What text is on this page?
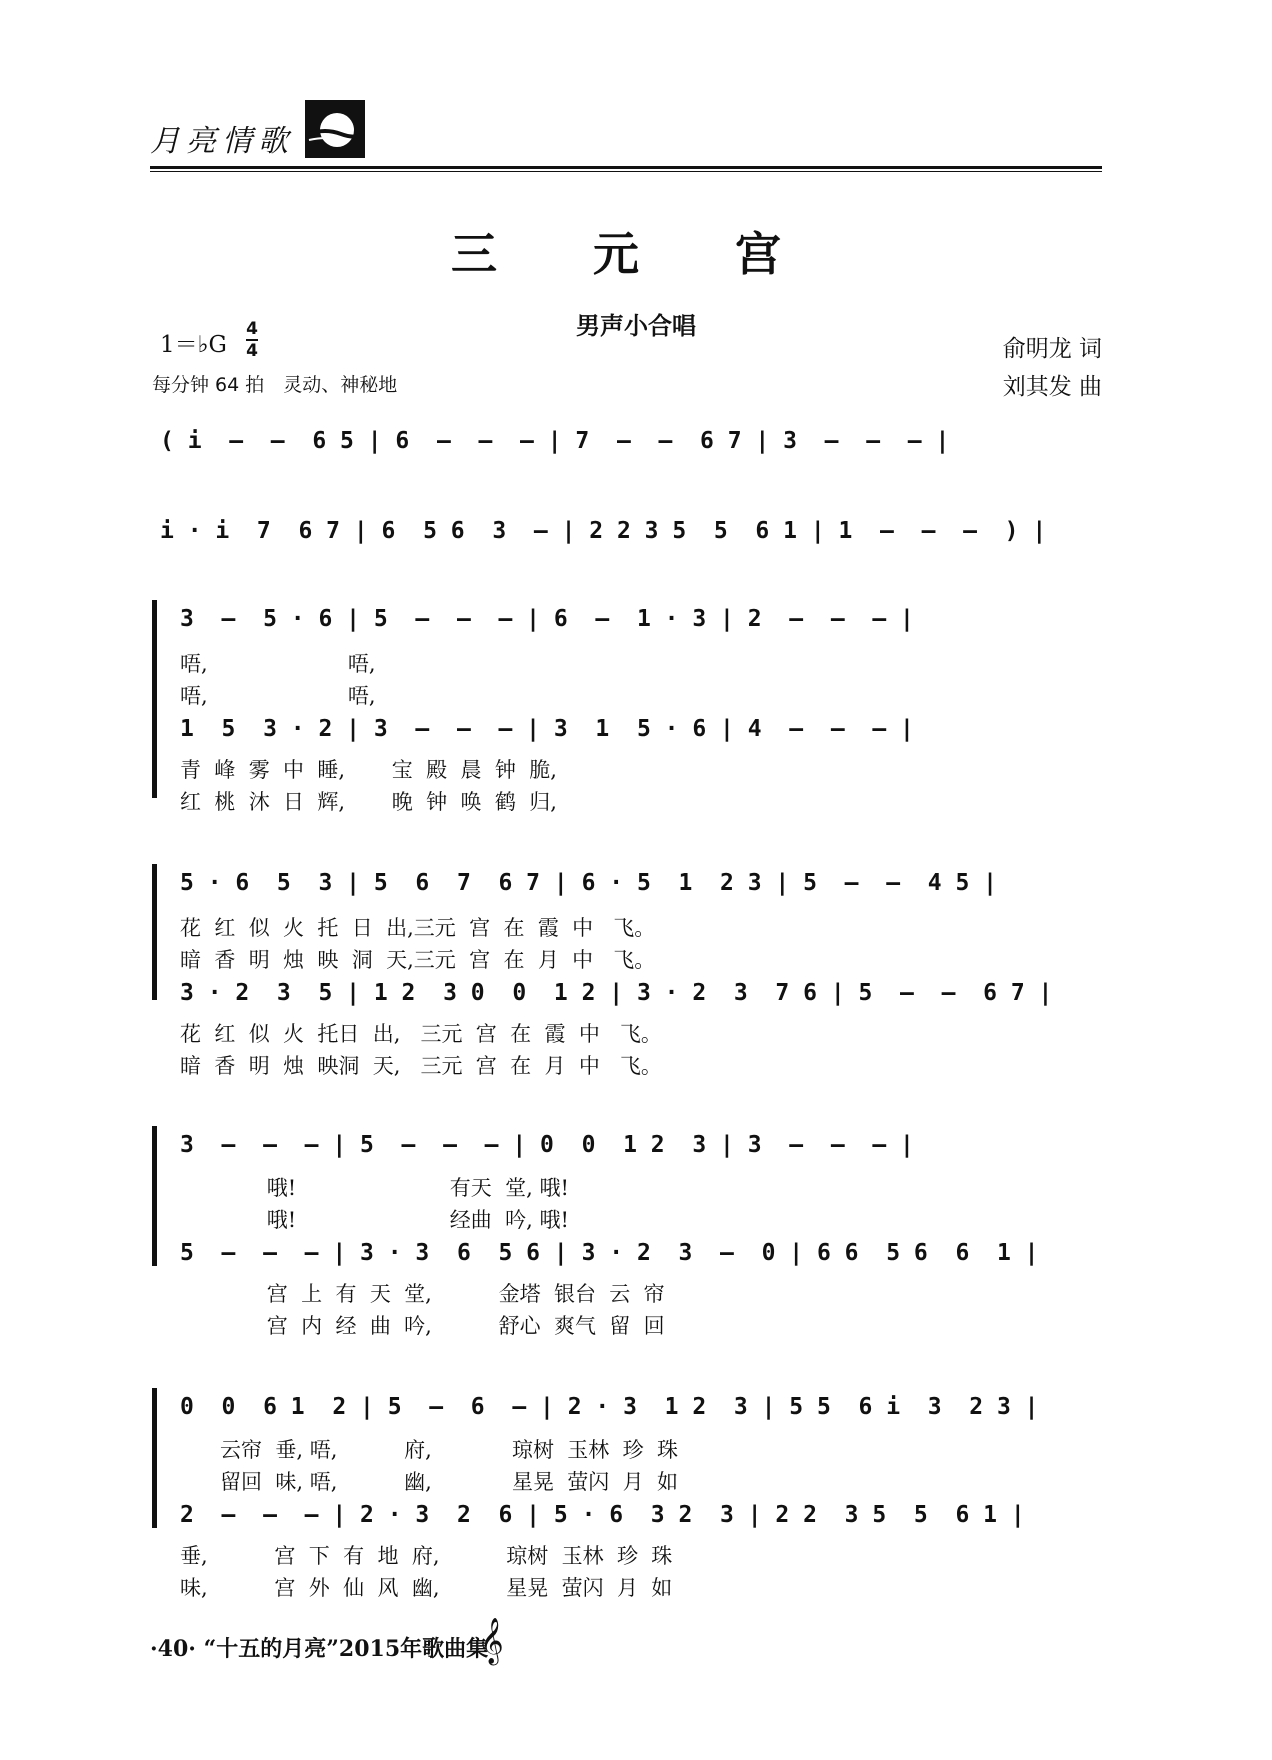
月亮情歌
三 元 宫
男声小合唱
1＝♭G
4
4
每分钟 64 拍　灵动、神秘地
俞明龙 词
刘其发 曲
( i  –  –  6 5 | 6  –  –  – | 7  –  –  6 7 | 3  –  –  – |
i · i  7  6 7 | 6  5 6  3  – | 2 2 3 5  5  6 1 | 1  –  –  –  ) |
3  –  5 · 6 | 5  –  –  – | 6  –  1 · 3 | 2  –  –  – |
唔,                     唔,
唔,                     唔,
1  5  3 · 2 | 3  –  –  – | 3  1  5 · 6 | 4  –  –  – |
青  峰  雾  中  睡,       宝  殿  晨  钟  脆,
红  桃  沐  日  辉,       晚  钟  唤  鹤  归,
5 · 6  5  3 | 5  6  7  6 7 | 6 · 5  1  2 3 | 5  –  –  4 5 |
花  红  似  火  托  日  出,三元  宫  在  霞  中   飞。
暗  香  明  烛  映  洞  天,三元  宫  在  月  中   飞。
3 · 2  3  5 | 1 2  3 0  0  1 2 | 3 · 2  3  7 6 | 5  –  –  6 7 |
花  红  似  火  托日  出,   三元  宫  在  霞  中   飞。
暗  香  明  烛  映洞  天,   三元  宫  在  月  中   飞。
3  –  –  – | 5  –  –  – | 0  0  1 2  3 | 3  –  –  – |
哦!                       有天  堂, 哦!
哦!                       经曲  吟, 哦!
5  –  –  – | 3 · 3  6  5 6 | 3 · 2  3  –  0 | 6 6  5 6  6  1 |
宫  上  有  天  堂,          金塔  银台  云  帘
宫  内  经  曲  吟,          舒心  爽气  留  回
0  0  6 1  2 | 5  –  6  – | 2 · 3  1 2  3 | 5 5  6 i  3  2 3 |
云帘  垂, 唔,          府,            琼树  玉林  珍  珠
留回  味, 唔,          幽,            星晃  萤闪  月  如
2  –  –  – | 2 · 3  2  6 | 5 · 6  3 2  3 | 2 2  3 5  5  6 1 |
垂,          宫  下  有  地  府,          琼树  玉林  珍  珠
味,          宫  外  仙  风  幽,          星晃  萤闪  月  如
·40· “十五的月亮”2015年歌曲集
𝄞
